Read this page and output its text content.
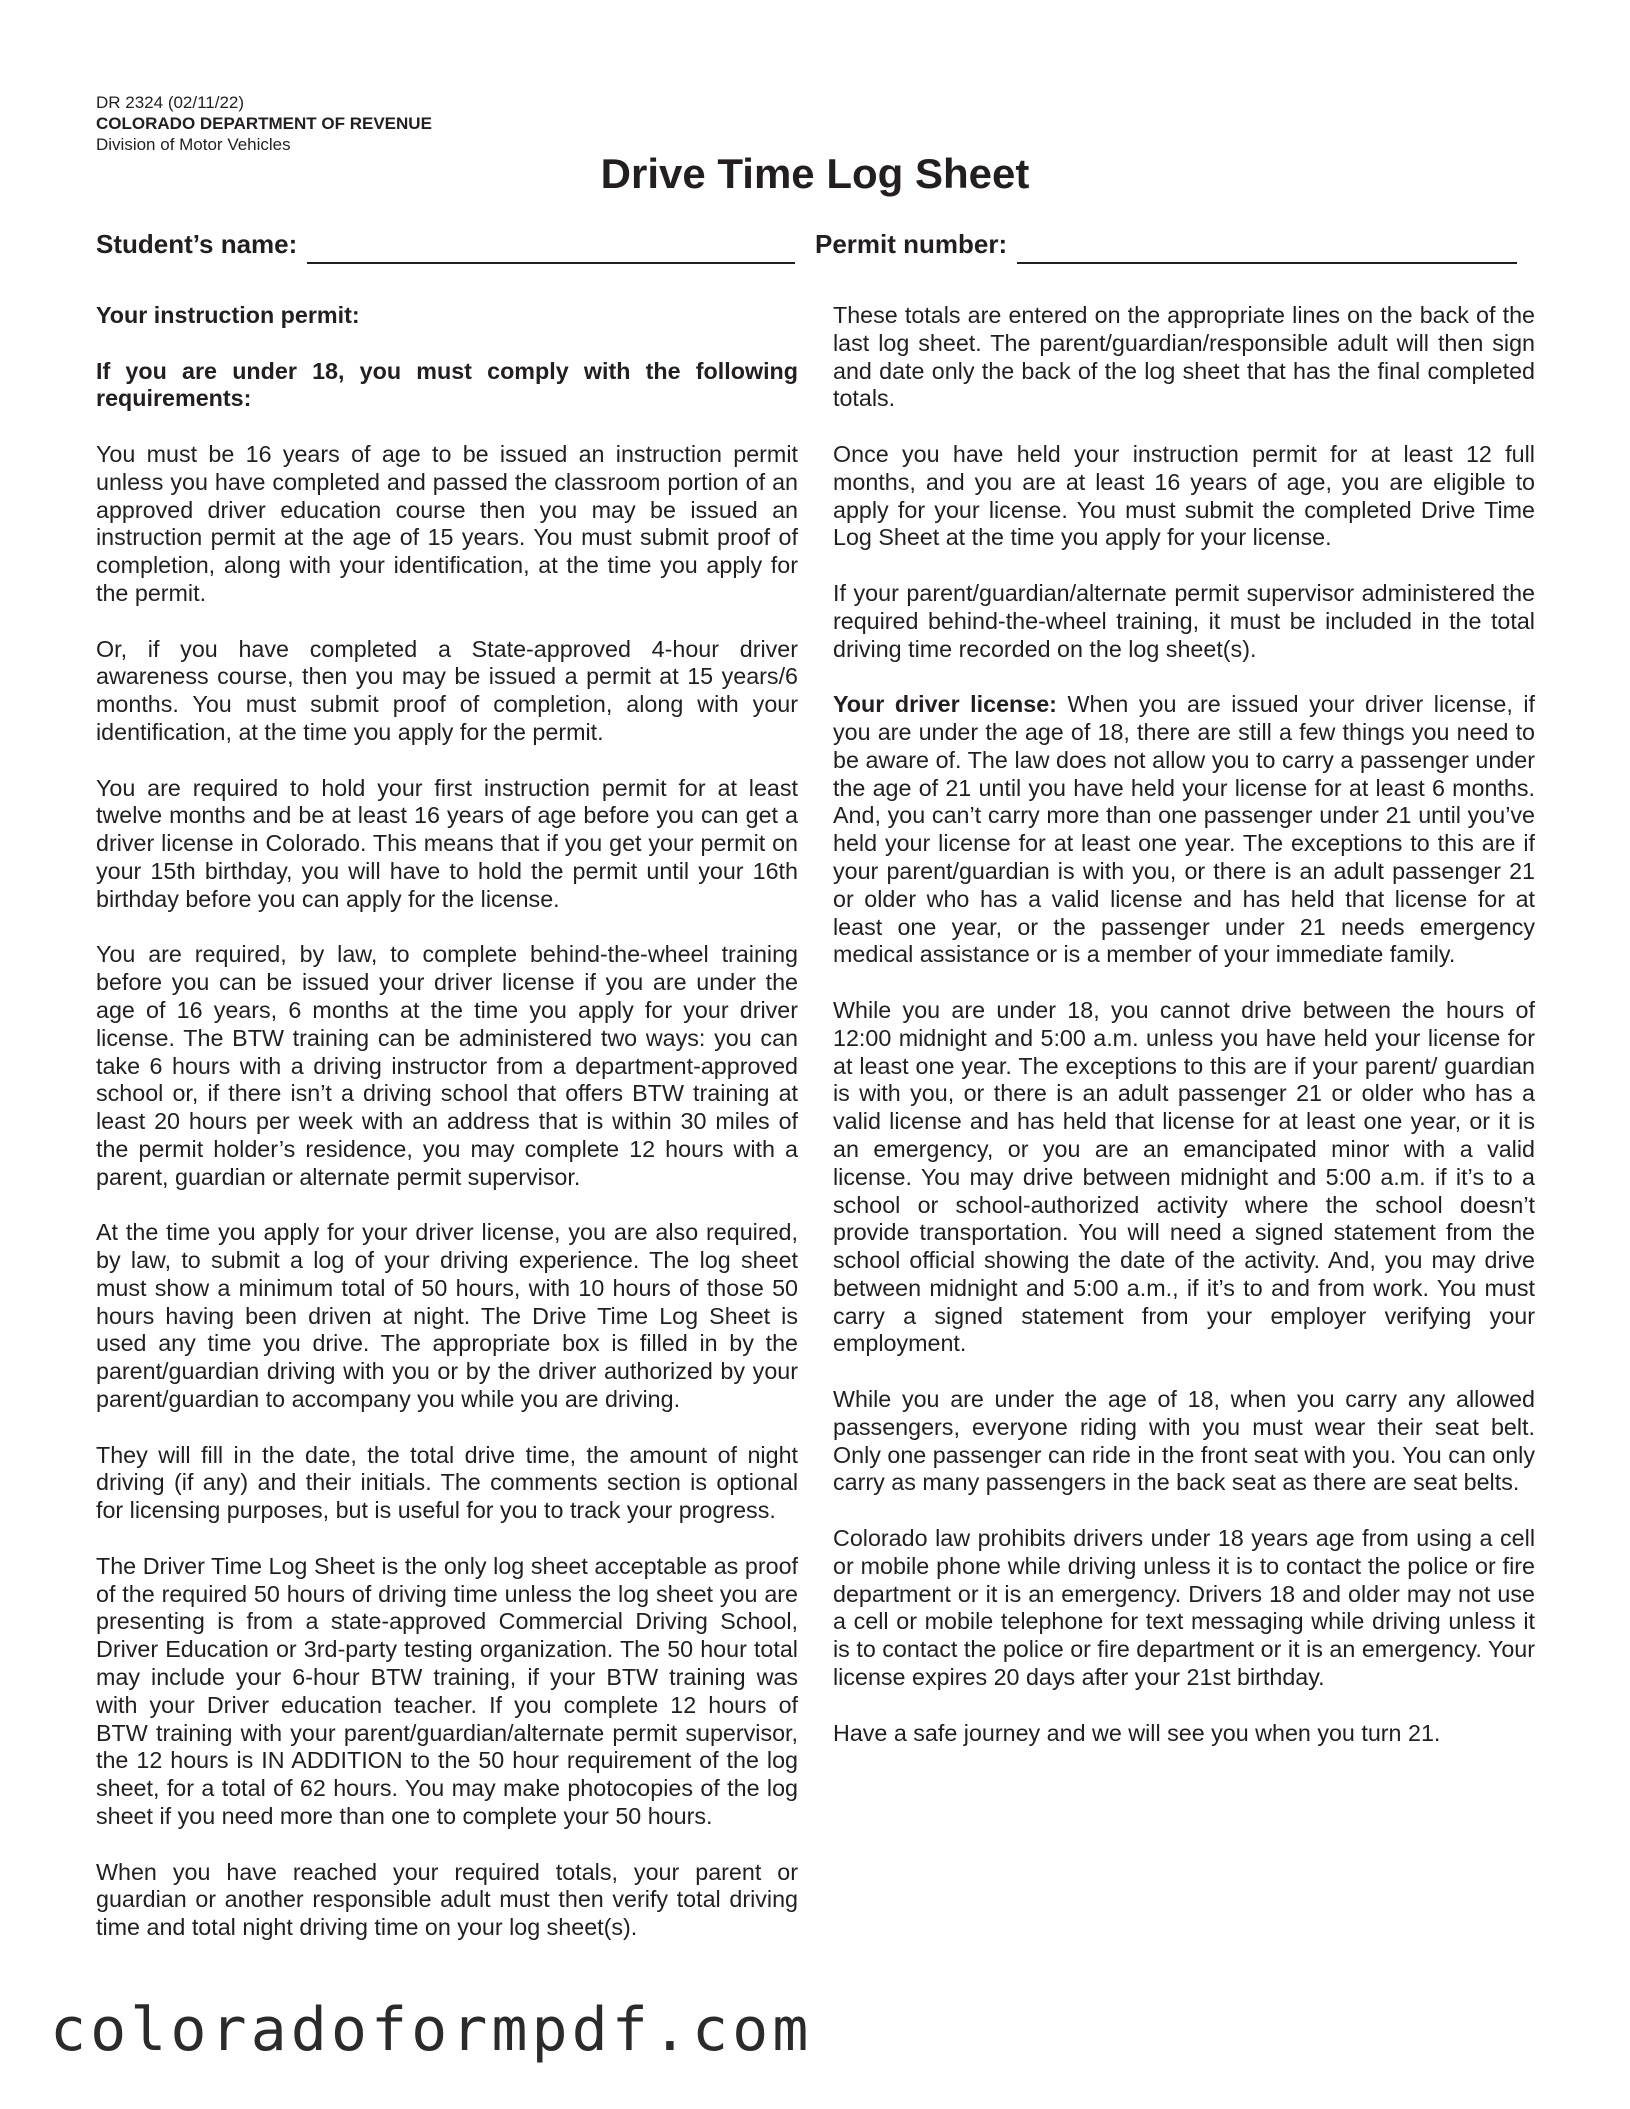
DR 2324 (02/11/22)
COLORADO DEPARTMENT OF REVENUE
Division of Motor Vehicles
Drive Time Log Sheet
Student’s name:	Permit number:

Your instruction permit:

If you are under 18, you must comply with the following requirements:

You must be 16 years of age to be issued an instruction permit unless you have completed and passed the classroom portion of an approved driver education course then you may be issued an instruction permit at the age of 15 years. You must submit proof of completion, along with your identification, at the time you apply for the permit.

Or, if you have completed a State-approved 4-hour driver awareness course, then you may be issued a permit at 15 years/6 months. You must submit proof of completion, along with your identification, at the time you apply for the permit.

You are required to hold your first instruction permit for at least twelve months and be at least 16 years of age before you can get a driver license in Colorado. This means that if you get your permit on your 15th birthday, you will have to hold the permit until your 16th birthday before you can apply for the license.

You are required, by law, to complete behind-the-wheel training before you can be issued your driver license if you are under the age of 16 years, 6 months at the time you apply for your driver license. The BTW training can be administered two ways: you can take 6 hours with a driving instructor from a department-approved school or, if there isn’t a driving school that offers BTW training at least 20 hours per week with an address that is within 30 miles of the permit holder’s residence, you may complete 12 hours with a parent, guardian or alternate permit supervisor.

At the time you apply for your driver license, you are also required, by law, to submit a log of your driving experience. The log sheet must show a minimum total of 50 hours, with 10 hours of those 50 hours having been driven at night. The Drive Time Log Sheet is used any time you drive. The appropriate box is filled in by the parent/guardian driving with you or by the driver authorized by your parent/guardian to accompany you while you are driving.

They will fill in the date, the total drive time, the amount of night driving (if any) and their initials. The comments section is optional for licensing purposes, but is useful for you to track your progress.

The Driver Time Log Sheet is the only log sheet acceptable as proof of the required 50 hours of driving time unless the log sheet you are presenting is from a state-approved Commercial Driving School, Driver Education or 3rd-party testing organization. The 50 hour total may include your 6-hour BTW training, if your BTW training was with your Driver education teacher. If you complete 12 hours of BTW training with your parent/guardian/alternate permit supervisor, the 12 hours is IN ADDITION to the 50 hour requirement of the log sheet, for a total of 62 hours. You may make photocopies of the log sheet if you need more than one to complete your 50 hours.

When you have reached your required totals, your parent or guardian or another responsible adult must then verify total driving time and total night driving time on your log sheet(s).

These totals are entered on the appropriate lines on the back of the last log sheet. The parent/guardian/responsible adult will then sign and date only the back of the log sheet that has the final completed totals.

Once you have held your instruction permit for at least 12 full months, and you are at least 16 years of age, you are eligible to apply for your license. You must submit the completed Drive Time Log Sheet at the time you apply for your license.

If your parent/guardian/alternate permit supervisor administered the required behind-the-wheel training, it must be included in the total driving time recorded on the log sheet(s).

Your driver license: When you are issued your driver license, if you are under the age of 18, there are still a few things you need to be aware of. The law does not allow you to carry a passenger under the age of 21 until you have held your license for at least 6 months. And, you can’t carry more than one passenger under 21 until you’ve held your license for at least one year. The exceptions to this are if your parent/guardian is with you, or there is an adult passenger 21 or older who has a valid license and has held that license for at least one year, or the passenger under 21 needs emergency medical assistance or is a member of your immediate family.

While you are under 18, you cannot drive between the hours of 12:00 midnight and 5:00 a.m. unless you have held your license for at least one year. The exceptions to this are if your parent/ guardian is with you, or there is an adult passenger 21 or older who has a valid license and has held that license for at least one year, or it is an emergency, or you are an emancipated minor with a valid license. You may drive between midnight and 5:00 a.m. if it’s to a school or school-authorized activity where the school doesn’t provide transportation. You will need a signed statement from the school official showing the date of the activity. And, you may drive between midnight and 5:00 a.m., if it’s to and from work. You must carry a signed statement from your employer verifying your employment.

While you are under the age of 18, when you carry any allowed passengers, everyone riding with you must wear their seat belt. Only one passenger can ride in the front seat with you. You can only carry as many passengers in the back seat as there are seat belts.

Colorado law prohibits drivers under 18 years age from using a cell or mobile phone while driving unless it is to contact the police or fire department or it is an emergency. Drivers 18 and older may not use a cell or mobile telephone for text messaging while driving unless it is to contact the police or fire department or it is an emergency. Your license expires 20 days after your 21st birthday.

Have a safe journey and we will see you when you turn 21.

coloradoformpdf.com
